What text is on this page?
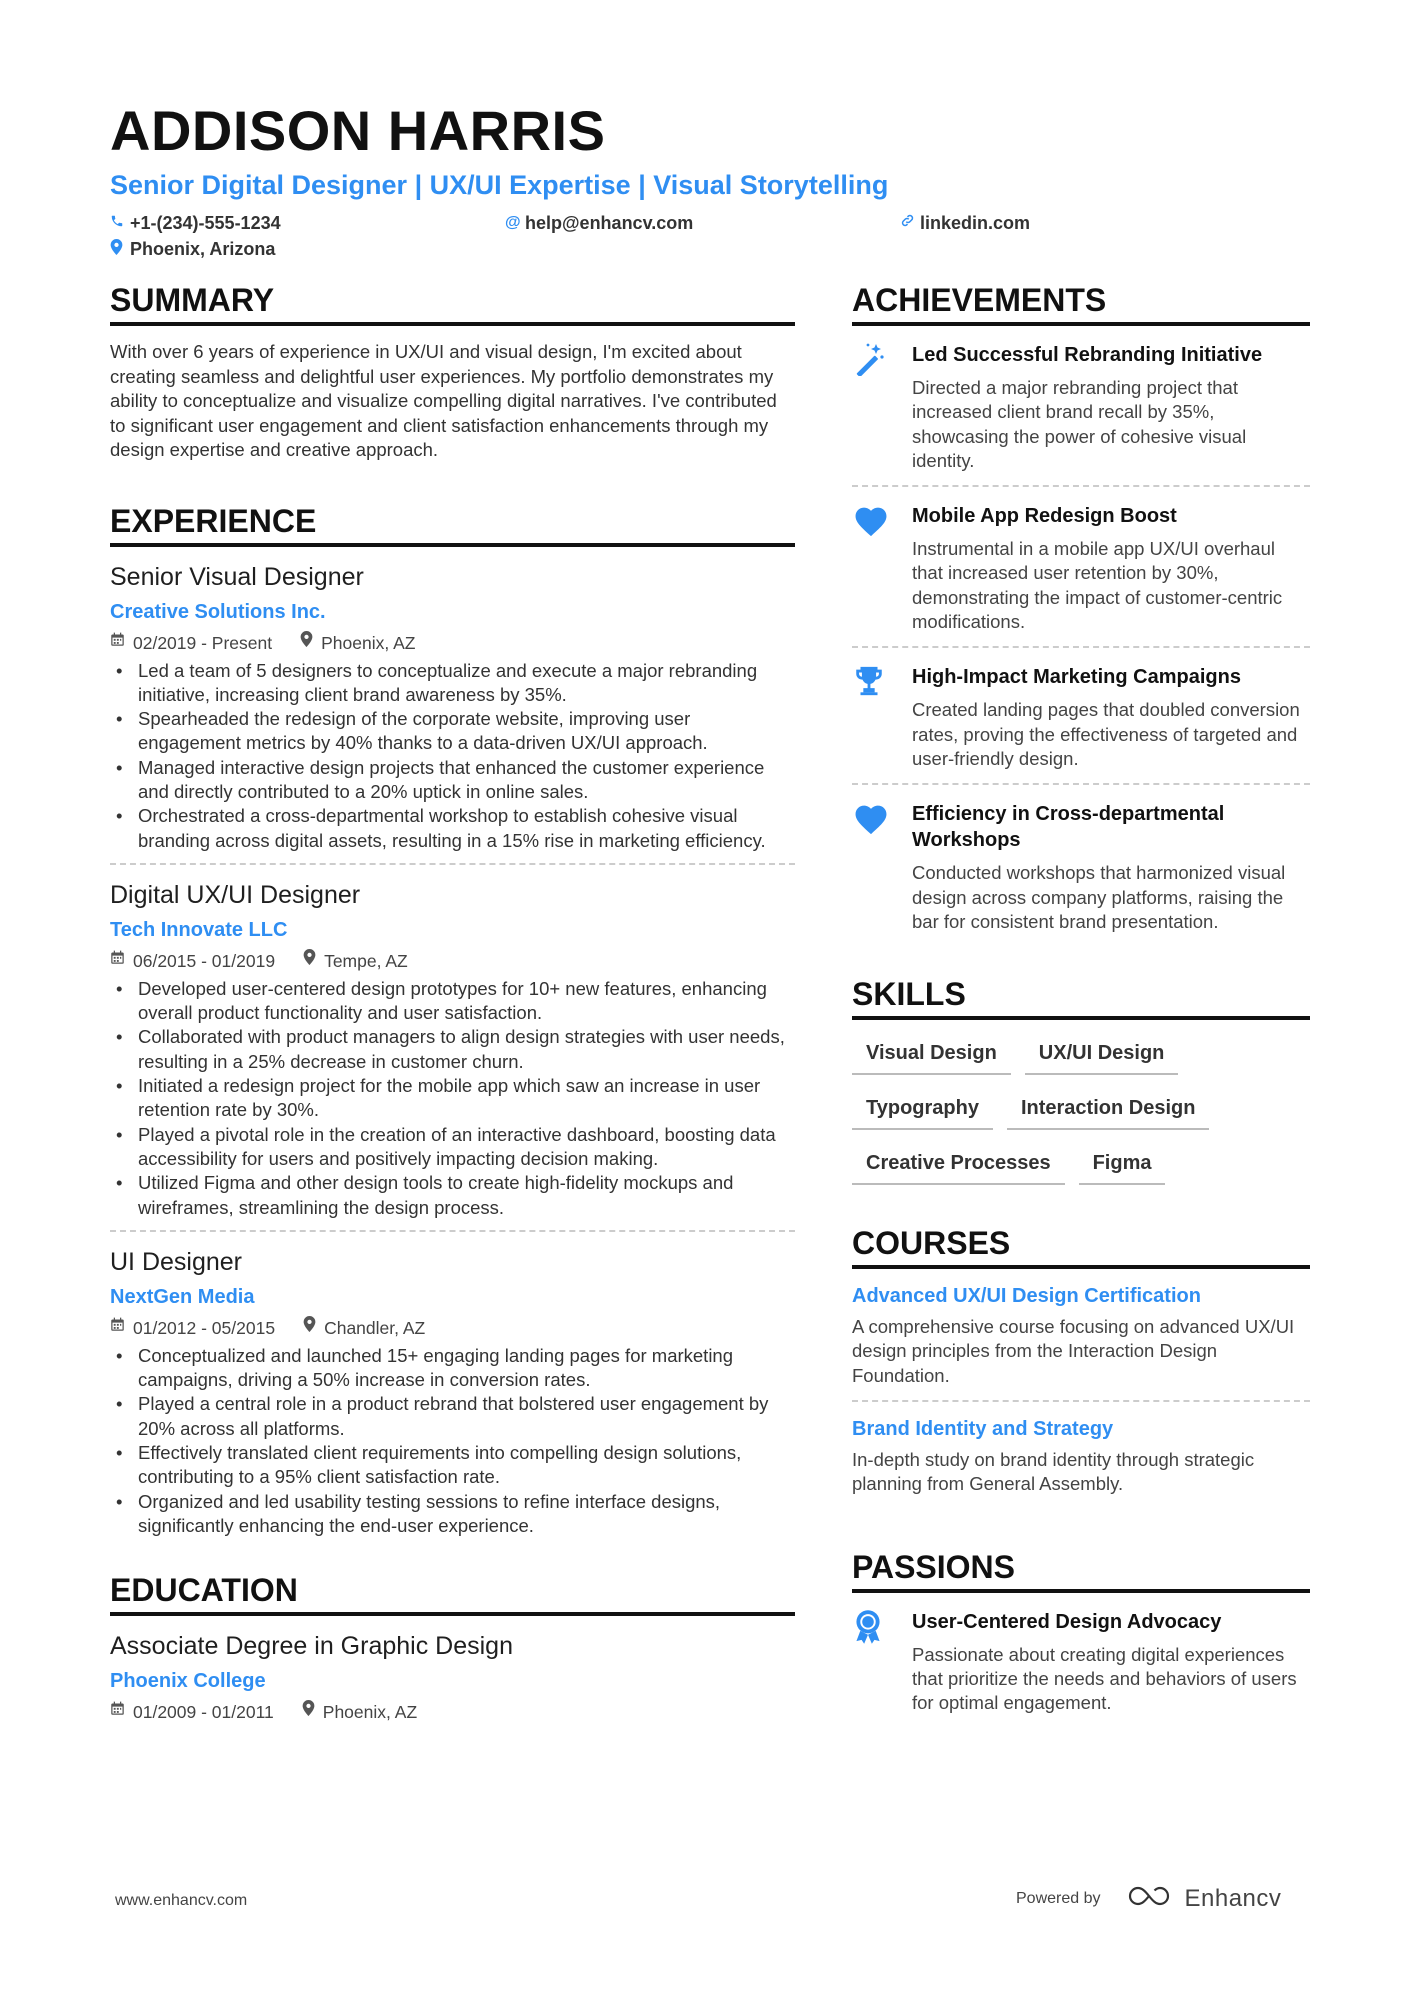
ADDISON HARRIS
Senior Digital Designer | UX/UI Expertise | Visual Storytelling
+1-(234)-555-1234	@ help@enhancv.com	linkedin.com
Phoenix, Arizona
SUMMARY
With over 6 years of experience in UX/UI and visual design, I'm excited about creating seamless and delightful user experiences. My portfolio demonstrates my ability to conceptualize and visualize compelling digital narratives. I've contributed to significant user engagement and client satisfaction enhancements through my design expertise and creative approach.
EXPERIENCE
Senior Visual Designer
Creative Solutions Inc.
02/2019 - Present	Phoenix, AZ
• Led a team of 5 designers to conceptualize and execute a major rebranding initiative, increasing client brand awareness by 35%.
• Spearheaded the redesign of the corporate website, improving user engagement metrics by 40% thanks to a data-driven UX/UI approach.
• Managed interactive design projects that enhanced the customer experience and directly contributed to a 20% uptick in online sales.
• Orchestrated a cross-departmental workshop to establish cohesive visual branding across digital assets, resulting in a 15% rise in marketing efficiency.
Digital UX/UI Designer
Tech Innovate LLC
06/2015 - 01/2019	Tempe, AZ
• Developed user-centered design prototypes for 10+ new features, enhancing overall product functionality and user satisfaction.
• Collaborated with product managers to align design strategies with user needs, resulting in a 25% decrease in customer churn.
• Initiated a redesign project for the mobile app which saw an increase in user retention rate by 30%.
• Played a pivotal role in the creation of an interactive dashboard, boosting data accessibility for users and positively impacting decision making.
• Utilized Figma and other design tools to create high-fidelity mockups and wireframes, streamlining the design process.
UI Designer
NextGen Media
01/2012 - 05/2015	Chandler, AZ
• Conceptualized and launched 15+ engaging landing pages for marketing campaigns, driving a 50% increase in conversion rates.
• Played a central role in a product rebrand that bolstered user engagement by 20% across all platforms.
• Effectively translated client requirements into compelling design solutions, contributing to a 95% client satisfaction rate.
• Organized and led usability testing sessions to refine interface designs, significantly enhancing the end-user experience.
EDUCATION
Associate Degree in Graphic Design
Phoenix College
01/2009 - 01/2011	Phoenix, AZ
ACHIEVEMENTS
Led Successful Rebranding Initiative
Directed a major rebranding project that increased client brand recall by 35%, showcasing the power of cohesive visual identity.
Mobile App Redesign Boost
Instrumental in a mobile app UX/UI overhaul that increased user retention by 30%, demonstrating the impact of customer-centric modifications.
High-Impact Marketing Campaigns
Created landing pages that doubled conversion rates, proving the effectiveness of targeted and user-friendly design.
Efficiency in Cross-departmental Workshops
Conducted workshops that harmonized visual design across company platforms, raising the bar for consistent brand presentation.
SKILLS
Visual Design	UX/UI Design
Typography	Interaction Design
Creative Processes	Figma
COURSES
Advanced UX/UI Design Certification
A comprehensive course focusing on advanced UX/UI design principles from the Interaction Design Foundation.
Brand Identity and Strategy
In-depth study on brand identity through strategic planning from General Assembly.
PASSIONS
User-Centered Design Advocacy
Passionate about creating digital experiences that prioritize the needs and behaviors of users for optimal engagement.
www.enhancv.com	Powered by	Enhancv
